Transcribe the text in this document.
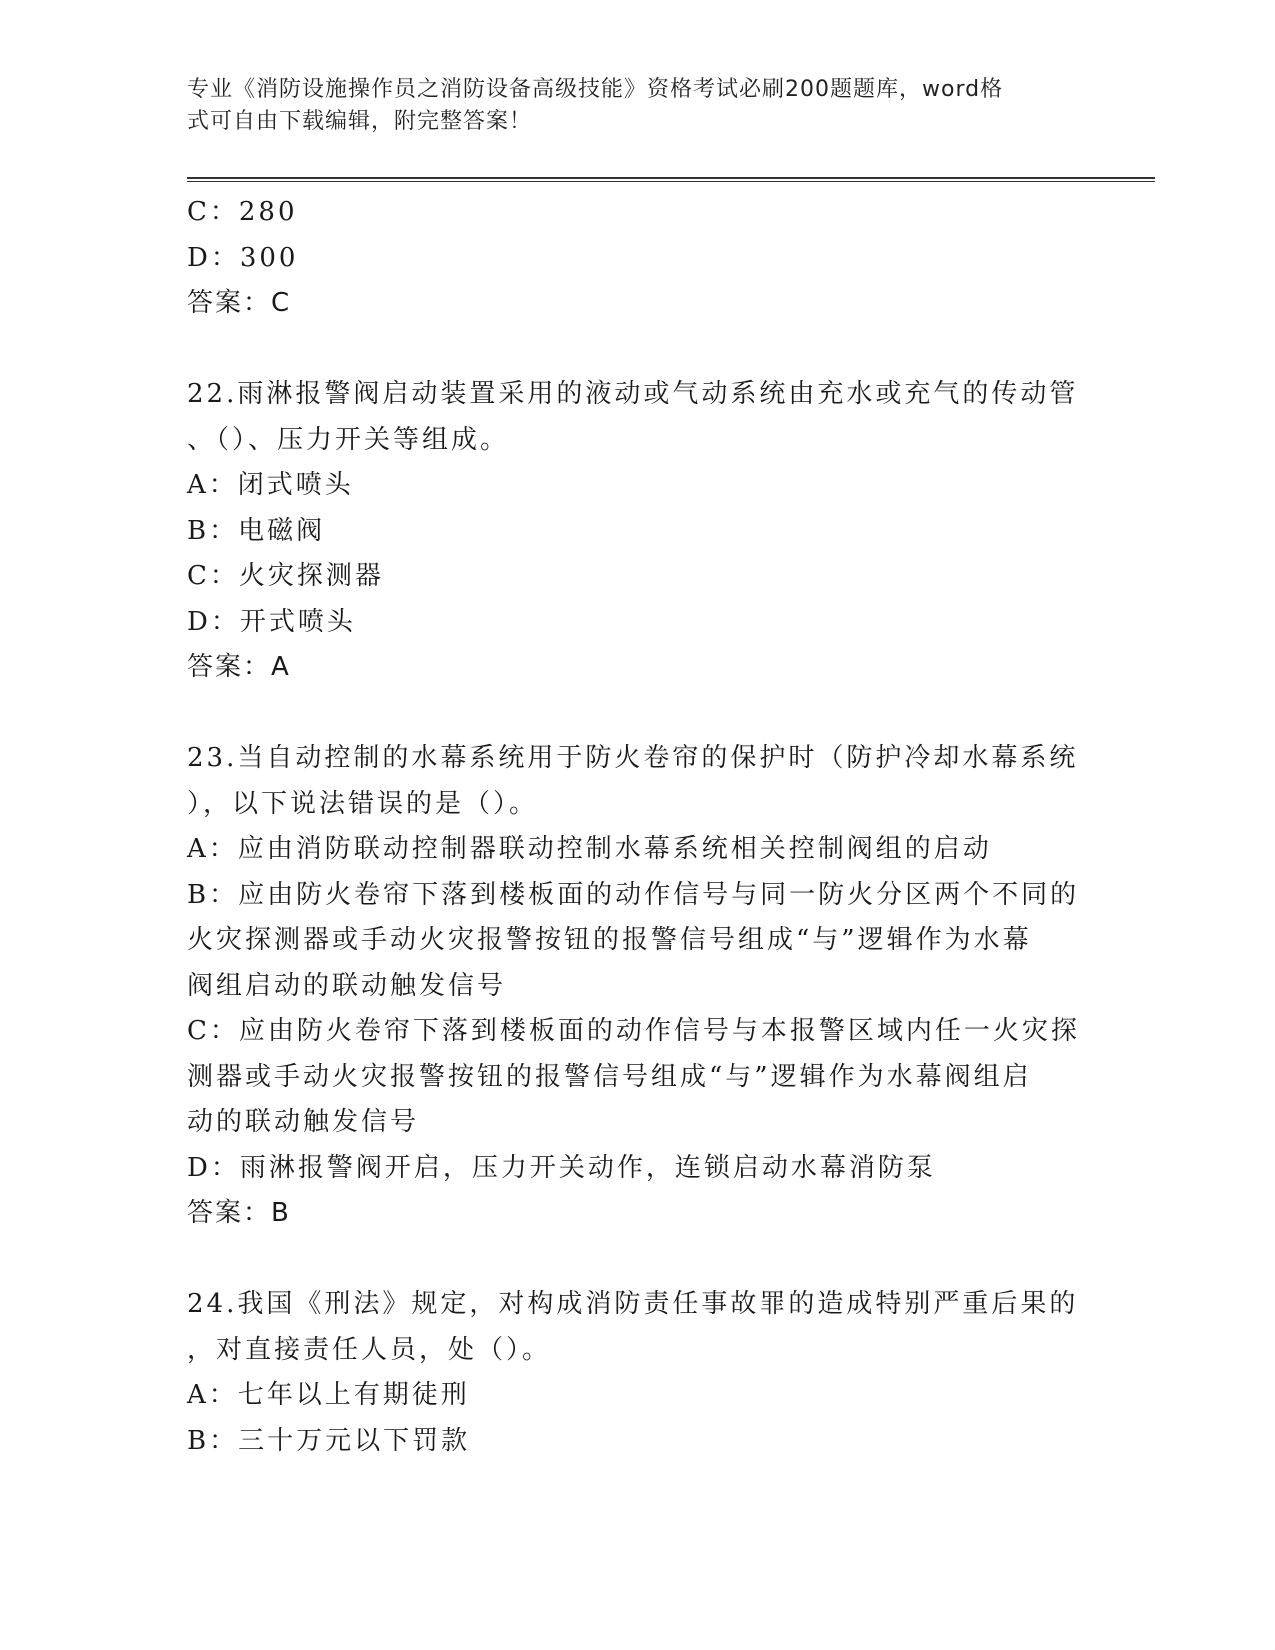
专业《消防设施操作员之消防设备高级技能》资格考试必刷200题题库，word格
式可自由下载编辑，附完整答案！
C：280
D：300
答案：C
22.雨淋报警阀启动装置采用的液动或气动系统由充水或充气的传动管
、（）、压力开关等组成。
A：闭式喷头
B：电磁阀
C：火灾探测器
D：开式喷头
答案：A
23.当自动控制的水幕系统用于防火卷帘的保护时（防护冷却水幕系统
），以下说法错误的是（）。
A：应由消防联动控制器联动控制水幕系统相关控制阀组的启动
B：应由防火卷帘下落到楼板面的动作信号与同一防火分区两个不同的
火灾探测器或手动火灾报警按钮的报警信号组成“与”逻辑作为水幕
阀组启动的联动触发信号
C：应由防火卷帘下落到楼板面的动作信号与本报警区域内任一火灾探
测器或手动火灾报警按钮的报警信号组成“与”逻辑作为水幕阀组启
动的联动触发信号
D：雨淋报警阀开启，压力开关动作，连锁启动水幕消防泵
答案：B
24.我国《刑法》规定，对构成消防责任事故罪的造成特别严重后果的
，对直接责任人员，处（）。
A：七年以上有期徒刑
B：三十万元以下罚款
